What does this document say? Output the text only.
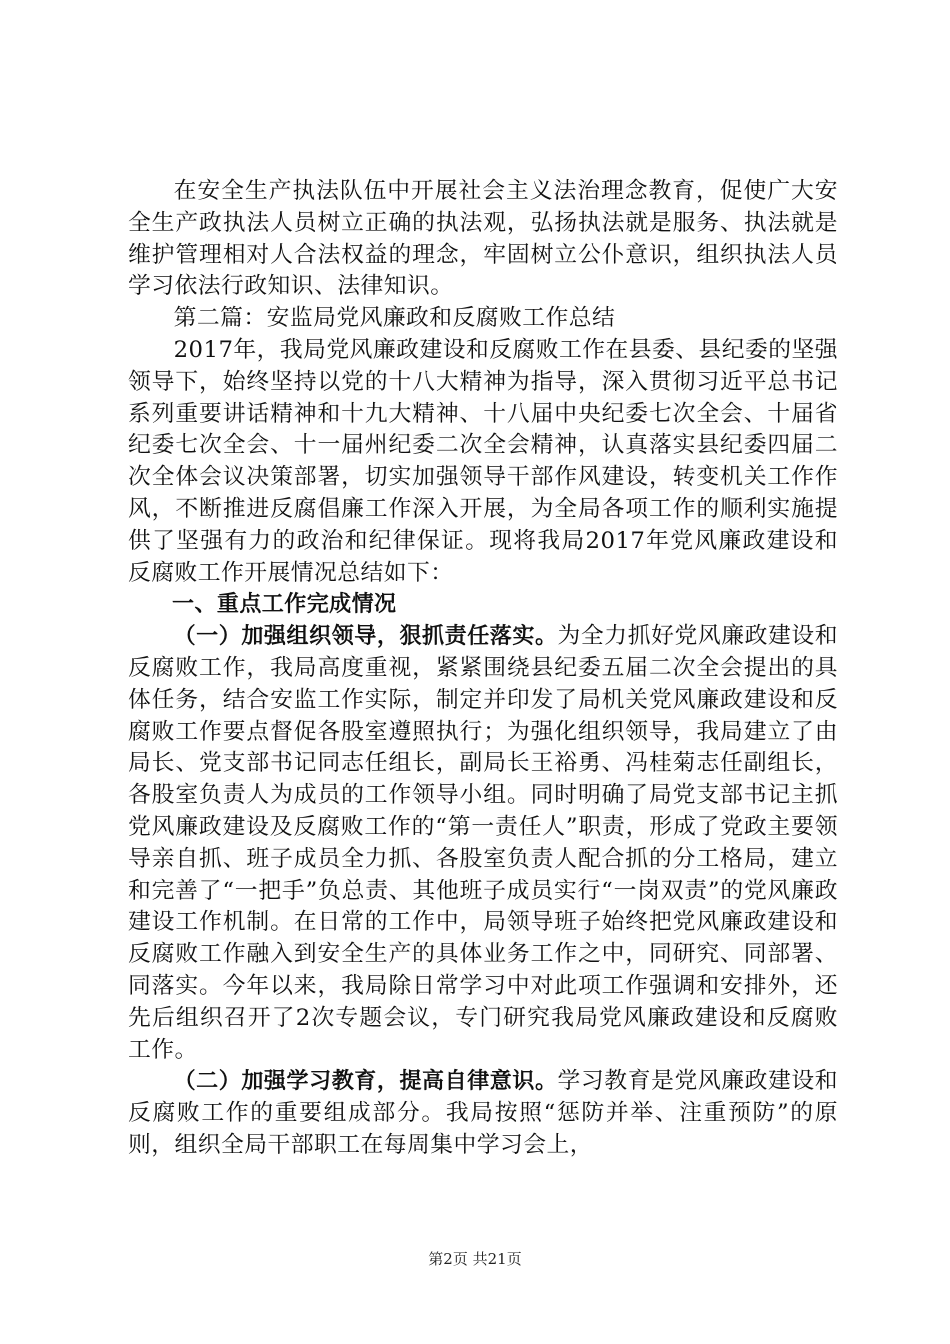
在安全生产执法队伍中开展社会主义法治理念教育，促使广大安全生产政执法人员树立正确的执法观，弘扬执法就是服务、执法就是维护管理相对人合法权益的理念，牢固树立公仆意识，组织执法人员学习依法行政知识、法律知识。

第二篇：安监局党风廉政和反腐败工作总结

2017年，我局党风廉政建设和反腐败工作在县委、县纪委的坚强领导下，始终坚持以党的十八大精神为指导，深入贯彻习近平总书记系列重要讲话精神和十九大精神、十八届中央纪委七次全会、十届省纪委七次全会、十一届州纪委二次全会精神，认真落实县纪委四届二次全体会议决策部署，切实加强领导干部作风建设，转变机关工作作风，不断推进反腐倡廉工作深入开展，为全局各项工作的顺利实施提供了坚强有力的政治和纪律保证。现将我局2017年党风廉政建设和反腐败工作开展情况总结如下：

一、重点工作完成情况

（一）加强组织领导，狠抓责任落实。为全力抓好党风廉政建设和反腐败工作，我局高度重视，紧紧围绕县纪委五届二次全会提出的具体任务，结合安监工作实际，制定并印发了局机关党风廉政建设和反腐败工作要点督促各股室遵照执行；为强化组织领导，我局建立了由局长、党支部书记同志任组长，副局长王裕勇、冯桂菊志任副组长，各股室负责人为成员的工作领导小组。同时明确了局党支部书记主抓党风廉政建设及反腐败工作的“第一责任人”职责，形成了党政主要领导亲自抓、班子成员全力抓、各股室负责人配合抓的分工格局，建立和完善了“一把手”负总责、其他班子成员实行“一岗双责”的党风廉政建设工作机制。在日常的工作中，局领导班子始终把党风廉政建设和反腐败工作融入到安全生产的具体业务工作之中，同研究、同部署、同落实。今年以来，我局除日常学习中对此项工作强调和安排外，还先后组织召开了2次专题会议，专门研究我局党风廉政建设和反腐败工作。

（二）加强学习教育，提高自律意识。学习教育是党风廉政建设和反腐败工作的重要组成部分。我局按照“惩防并举、注重预防”的原则，组织全局干部职工在每周集中学习会上，

第2页 共21页
